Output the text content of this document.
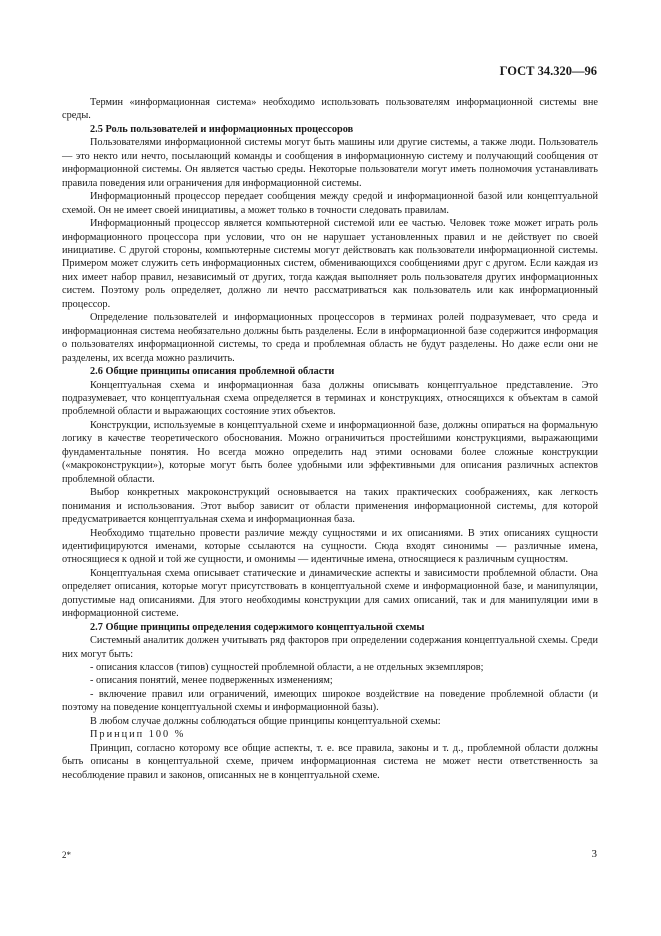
ГОСТ 34.320—96

Термин «информационная система» необходимо использовать пользователям информационной системы вне среды.

2.5 Роль пользователей и информационных процессоров

Пользователями информационной системы могут быть машины или другие системы, а также люди. Пользователь — это некто или нечто, посылающий команды и сообщения в информационную систему и получающий сообщения от информационной системы. Он является частью среды. Некоторые пользователи могут иметь полномочия устанавливать правила поведения или ограничения для информационной системы.

Информационный процессор передает сообщения между средой и информационной базой или концептуальной схемой. Он не имеет своей инициативы, а может только в точности следовать правилам.

Информационный процессор является компьютерной системой или ее частью. Человек тоже может играть роль информационного процессора при условии, что он не нарушает установленных правил и не действует по своей инициативе. С другой стороны, компьютерные системы могут действовать как пользователи информационной системы. Примером может служить сеть информационных систем, обменивающихся сообщениями друг с другом. Если каждая из них имеет набор правил, независимый от других, тогда каждая выполняет роль пользователя других информационных систем. Поэтому роль определяет, должно ли нечто рассматриваться как пользователь или как информационный процессор.

Определение пользователей и информационных процессоров в терминах ролей подразумевает, что среда и информационная система необязательно должны быть разделены. Если в информационной базе содержится информация о пользователях информационной системы, то среда и проблемная область не будут разделены. Но даже если они не разделены, их всегда можно различить.

2.6 Общие принципы описания проблемной области

Концептуальная схема и информационная база должны описывать концептуальное представление. Это подразумевает, что концептуальная схема определяется в терминах и конструкциях, относящихся к объектам в самой проблемной области и выражающих состояние этих объектов.

Конструкции, используемые в концептуальной схеме и информационной базе, должны опираться на формальную логику в качестве теоретического обоснования. Можно ограничиться простейшими конструкциями, выражающими фундаментальные понятия. Но всегда можно определить над этими основами более сложные конструкции («макроконструкции»), которые могут быть более удобными или эффективными для описания различных аспектов проблемной области.

Выбор конкретных макроконструкций основывается на таких практических соображениях, как легкость понимания и использования. Этот выбор зависит от области применения информационной системы, для которой предусматривается концептуальная схема и информационная база.

Необходимо тщательно провести различие между сущностями и их описаниями. В этих описаниях сущности идентифицируются именами, которые ссылаются на сущности. Сюда входят синонимы — различные имена, относящиеся к одной и той же сущности, и омонимы — идентичные имена, относящиеся к различным сущностям.

Концептуальная схема описывает статические и динамические аспекты и зависимости проблемной области. Она определяет описания, которые могут присутствовать в концептуальной схеме и информационной базе, и манипуляции, допустимые над описаниями. Для этого необходимы конструкции для самих описаний, так и для манипуляции ими в информационной системе.

2.7 Общие принципы определения содержимого концептуальной схемы

Системный аналитик должен учитывать ряд факторов при определении содержания концептуальной схемы. Среди них могут быть:

- описания классов (типов) сущностей проблемной области, а не отдельных экземпляров;

- описания понятий, менее подверженных изменениям;

- включение правил или ограничений, имеющих широкое воздействие на поведение проблемной области (и поэтому на поведение концептуальной схемы и информационной базы).

В любом случае должны соблюдаться общие принципы концептуальной схемы:

Принцип 100 %

Принцип, согласно которому все общие аспекты, т. е. все правила, законы и т. д., проблемной области должны быть описаны в концептуальной схеме, причем информационная система не может нести ответственность за несоблюдение правил и законов, описанных не в концептуальной схеме.

2*	3
